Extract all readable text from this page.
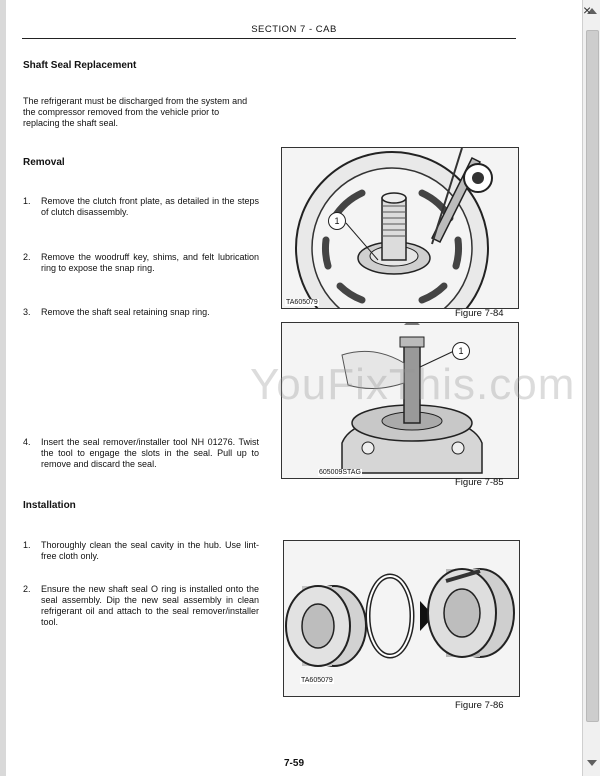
SECTION 7 - CAB
Shaft Seal Replacement
The refrigerant must be discharged from the system and the compressor removed from the vehicle prior to replacing the shaft seal.
Removal
1. Remove the clutch front plate, as detailed in the steps of clutch disassembly.
2. Remove the woodruff key, shims, and felt lubrication ring to expose the snap ring.
3. Remove the shaft seal retaining snap ring.
4. Insert the seal remover/installer tool NH 01276. Twist the tool to engage the slots in the seal. Pull up to remove and discard the seal.
Installation
1. Thoroughly clean the seal cavity in the hub. Use lint-free cloth only.
2. Ensure the new shaft seal O ring is installed onto the seal assembly. Dip the new seal assembly in clean refrigerant oil and attach to the seal remover/installer tool.
1
TA605079
Figure 7-84
1
605009STAG
Figure 7-85
TA605079
Figure 7-86
YouFixThis.com
7-59
×
